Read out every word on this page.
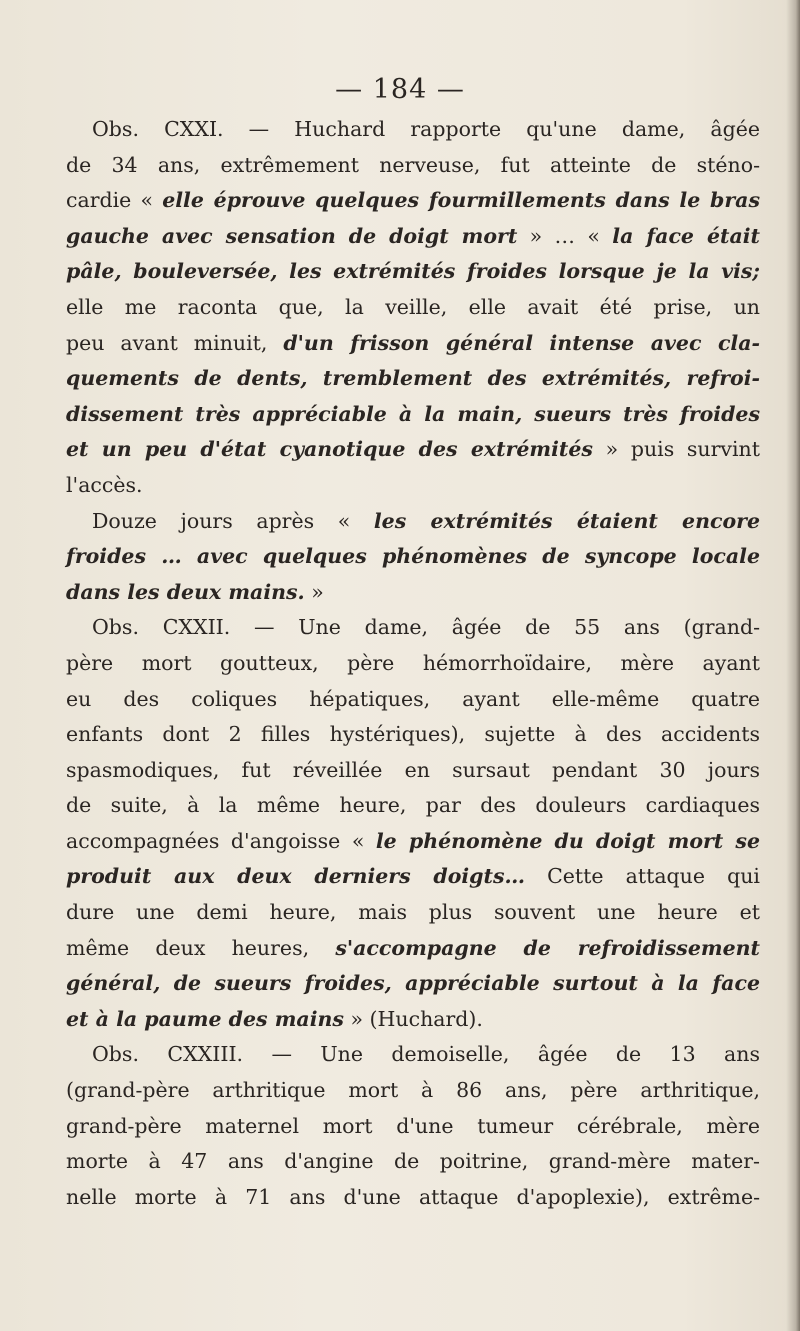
— 184 —
Obs. CXXI. — Huchard rapporte qu'une dame, âgée
de 34 ans, extrêmement nerveuse, fut atteinte de sténo-
cardie « elle éprouve quelques fourmillements dans le bras
gauche avec sensation de doigt mort » … « la face était
pâle, bouleversée, les extrémités froides lorsque je la vis;
elle me raconta que, la veille, elle avait été prise, un
peu avant minuit, d'un frisson général intense avec cla-
quements de dents, tremblement des extrémités, refroi-
dissement très appréciable à la main, sueurs très froides
et un peu d'état cyanotique des extrémités » puis survint
l'accès.
Douze jours après « les extrémités étaient encore
froides … avec quelques phénomènes de syncope locale
dans les deux mains. »
Obs. CXXII. — Une dame, âgée de 55 ans (grand-
père mort goutteux, père hémorrhoïdaire, mère ayant
eu des coliques hépatiques, ayant elle-même quatre
enfants dont 2 filles hystériques), sujette à des accidents
spasmodiques, fut réveillée en sursaut pendant 30 jours
de suite, à la même heure, par des douleurs cardiaques
accompagnées d'angoisse « le phénomène du doigt mort se
produit aux deux derniers doigts… Cette attaque qui
dure une demi heure, mais plus souvent une heure et
même deux heures, s'accompagne de refroidissement
général, de sueurs froides, appréciable surtout à la face
et à la paume des mains » (Huchard).
Obs. CXXIII. — Une demoiselle, âgée de 13 ans
(grand-père arthritique mort à 86 ans, père arthritique,
grand-père maternel mort d'une tumeur cérébrale, mère
morte à 47 ans d'angine de poitrine, grand-mère mater-
nelle morte à 71 ans d'une attaque d'apoplexie), extrême-
